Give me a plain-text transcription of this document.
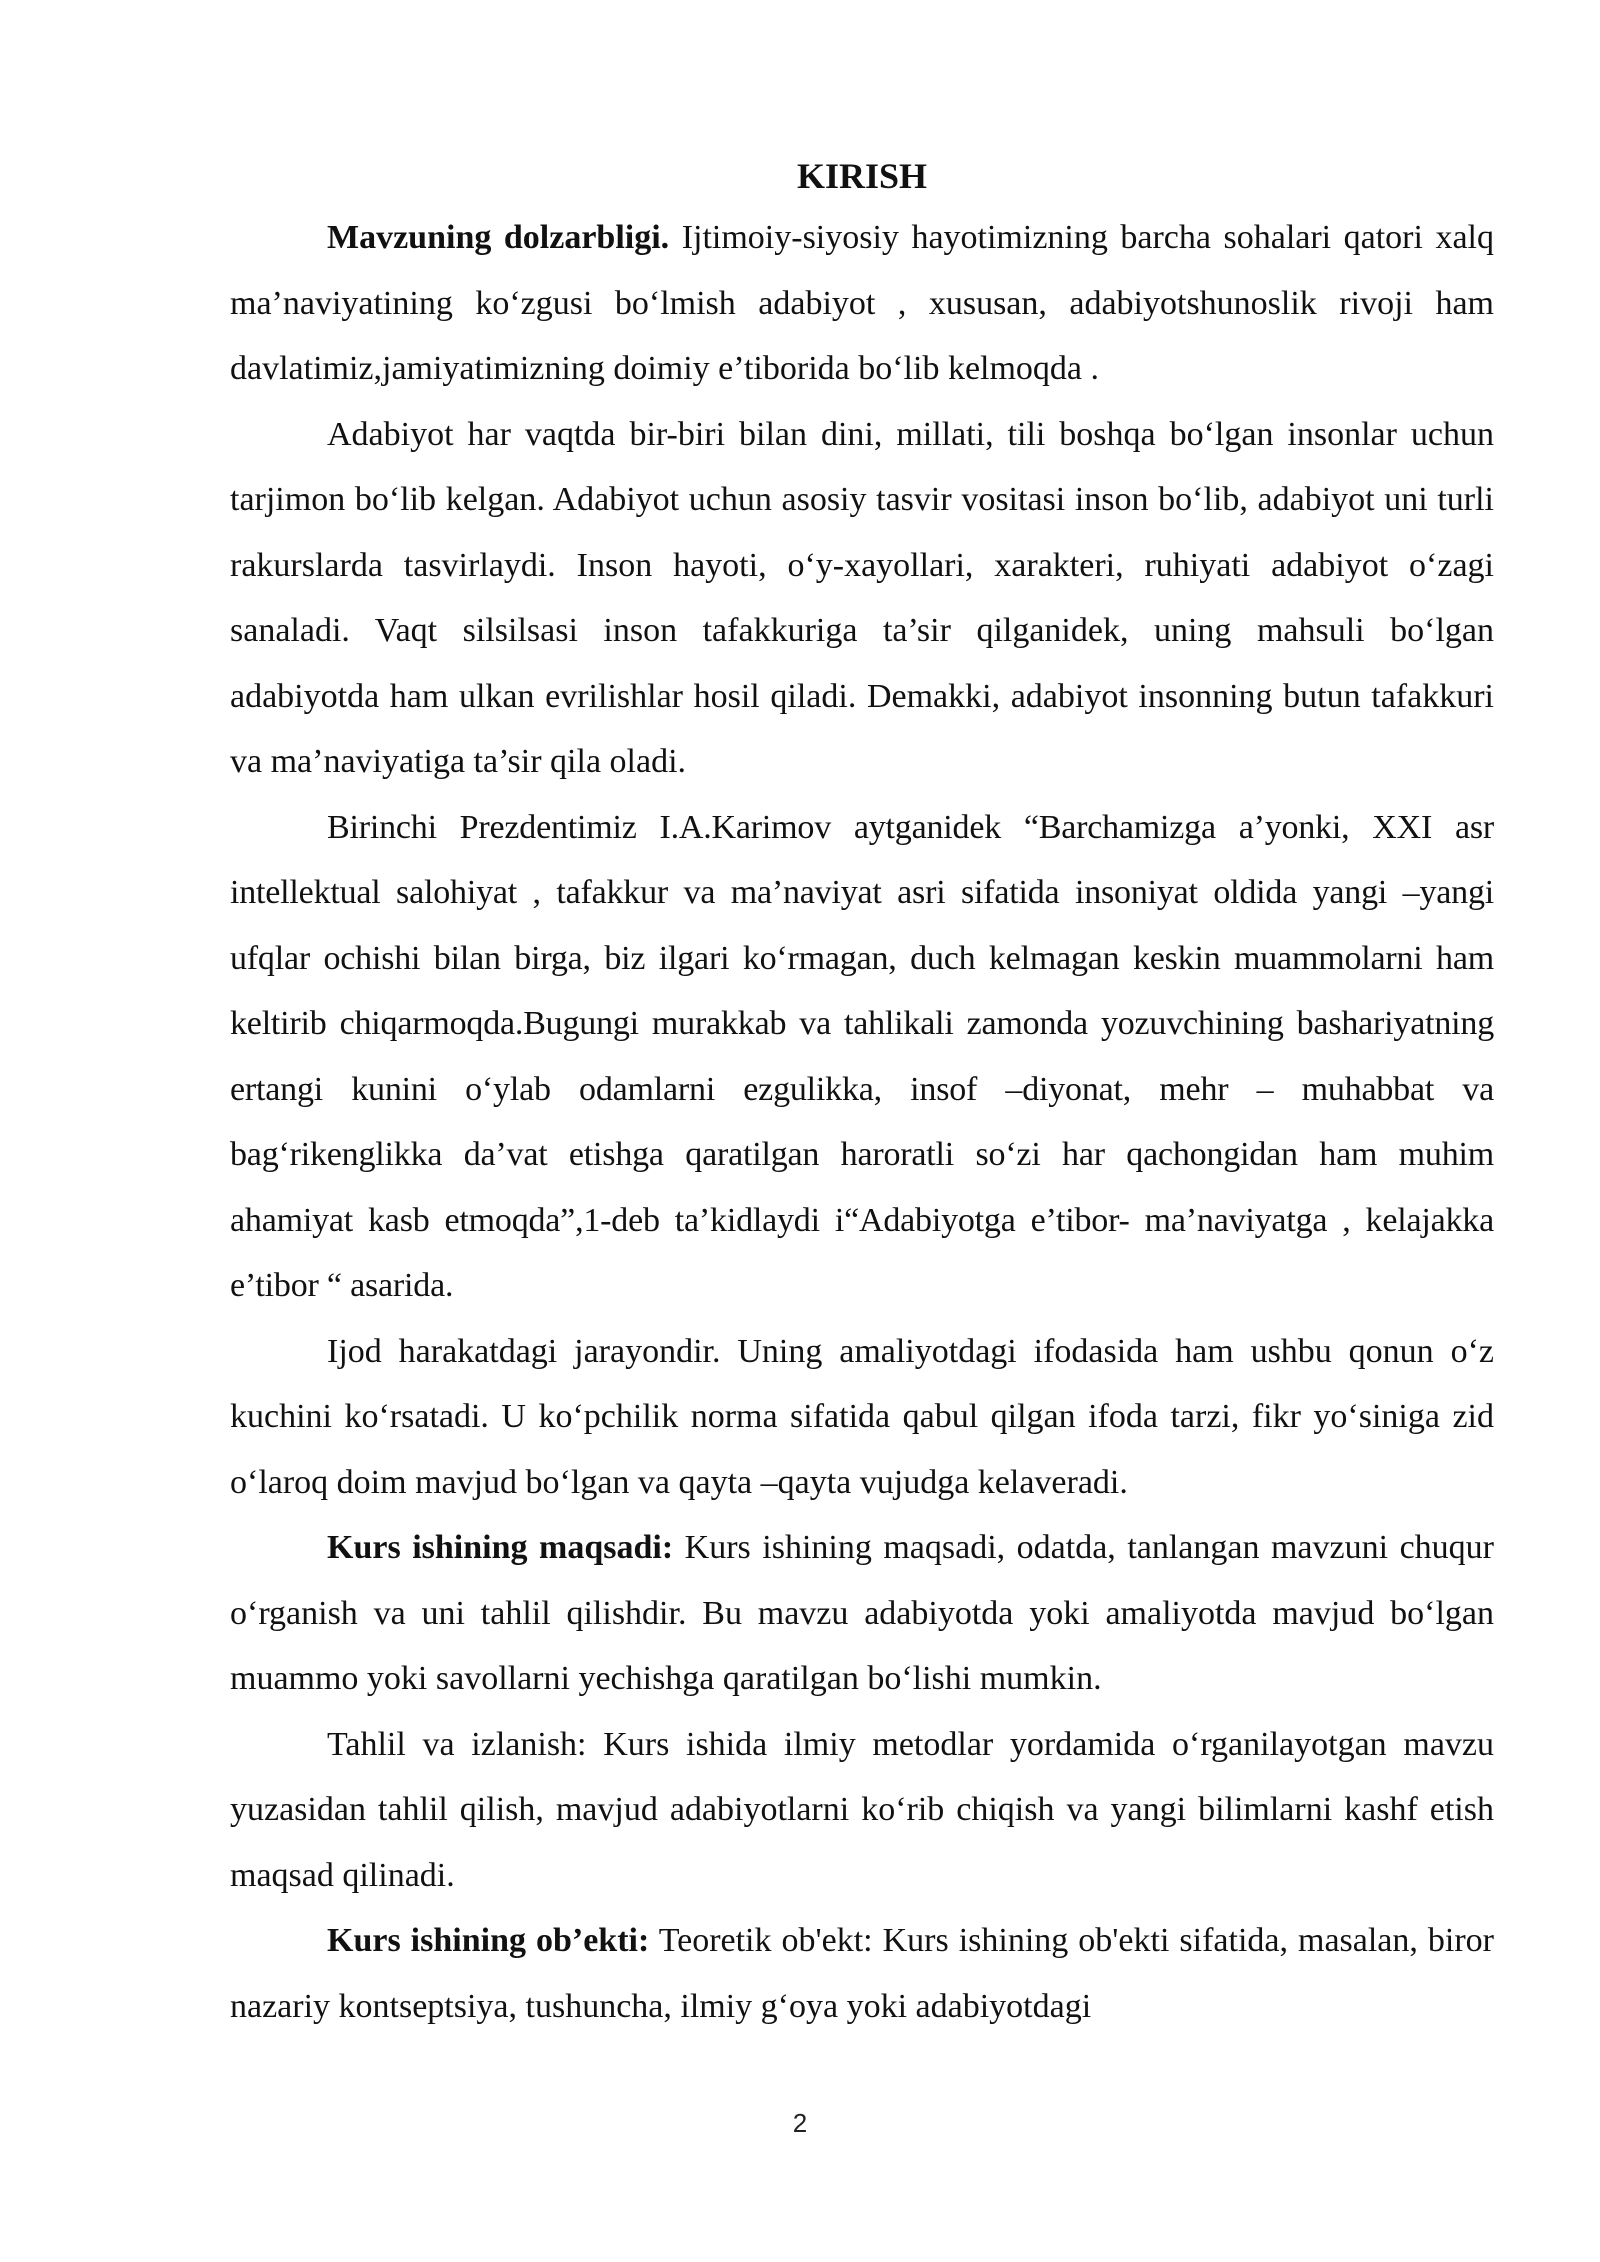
KIRISH

Mavzuning dolzarbligi. Ijtimoiy-siyosiy hayotimizning barcha sohalari qatori xalq ma’naviyatining ko‘zgusi bo‘lmish adabiyot , xususan, adabiyotshunoslik rivoji ham davlatimiz,jamiyatimizning doimiy e’tiborida bo‘lib kelmoqda .

Adabiyot har vaqtda bir-biri bilan dini, millati, tili boshqa bo‘lgan insonlar uchun tarjimon bo‘lib kelgan. Adabiyot uchun asosiy tasvir vositasi inson bo‘lib, adabiyot uni turli rakurslarda tasvirlaydi. Inson hayoti, o‘y-xayollari, xarakteri, ruhiyati adabiyot o‘zagi sanaladi. Vaqt silsilsasi inson tafakkuriga ta’sir qilganidek, uning mahsuli bo‘lgan adabiyotda ham ulkan evrilishlar hosil qiladi. Demakki, adabiyot insonning butun tafakkuri va ma’naviyatiga ta’sir qila oladi.

Birinchi Prezdentimiz I.A.Karimov aytganidek “Barchamizga a’yonki, XXI asr intellektual salohiyat , tafakkur va ma’naviyat asri sifatida insoniyat oldida yangi –yangi ufqlar ochishi bilan birga, biz ilgari ko‘rmagan, duch kelmagan keskin muammolarni ham keltirib chiqarmoqda.Bugungi murakkab va tahlikali zamonda yozuvchining bashariyatning ertangi kunini o‘ylab odamlarni ezgulikka, insof –diyonat, mehr – muhabbat va bag‘rikenglikka da’vat etishga qaratilgan haroratli so‘zi har qachongidan ham muhim ahamiyat kasb etmoqda”,1-deb ta’kidlaydi i“Adabiyotga e’tibor- ma’naviyatga , kelajakka e’tibor “ asarida.

Ijod harakatdagi jarayondir. Uning amaliyotdagi ifodasida ham ushbu qonun o‘z kuchini ko‘rsatadi. U ko‘pchilik norma sifatida qabul qilgan ifoda tarzi, fikr yo‘siniga zid o‘laroq doim mavjud bo‘lgan va qayta –qayta vujudga kelaveradi.

Kurs ishining maqsadi: Kurs ishining maqsadi, odatda, tanlangan mavzuni chuqur o‘rganish va uni tahlil qilishdir. Bu mavzu adabiyotda yoki amaliyotda mavjud bo‘lgan muammo yoki savollarni yechishga qaratilgan bo‘lishi mumkin.

Tahlil va izlanish: Kurs ishida ilmiy metodlar yordamida o‘rganilayotgan mavzu yuzasidan tahlil qilish, mavjud adabiyotlarni ko‘rib chiqish va yangi bilimlarni kashf etish maqsad qilinadi.

Kurs ishining ob’ekti: Teoretik ob'ekt: Kurs ishining ob'ekti sifatida, masalan, biror nazariy kontseptsiya, tushuncha, ilmiy g‘oya yoki adabiyotdagi

2
